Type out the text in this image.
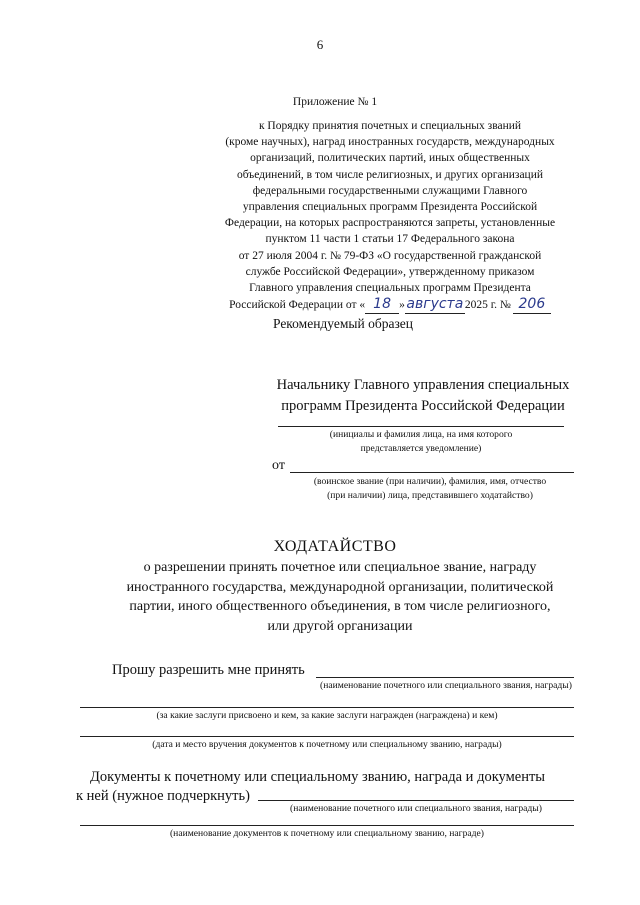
6
Приложение № 1
к Порядку принятия почетных и специальных званий
(кроме научных), наград иностранных государств, международных
организаций, политических партий, иных общественных
объединений, в том числе религиозных, и других организаций
федеральными государственными служащими Главного
управления специальных программ Президента Российской
Федерации, на которых распространяются запреты, установленные
пунктом 11 части 1 статьи 17 Федерального закона
от 27 июля 2004 г. № 79-ФЗ «О государственной гражданской
службе Российской Федерации», утвержденному приказом
Главного управления специальных программ Президента
Российской Федерации от « 18 » августа 2025 г. № 206
Рекомендуемый образец
Начальнику Главного управления специальных
программ Президента Российской Федерации
(инициалы и фамилия лица, на имя которого
представляется уведомление)
от
(воинское звание (при наличии), фамилия, имя, отчество
(при наличии) лица, представившего ходатайство)
ХОДАТАЙСТВО
о разрешении принять почетное или специальное звание, награду
иностранного государства, международной организации, политической
партии, иного общественного объединения, в том числе религиозного,
или другой организации
Прошу разрешить мне принять
(наименование почетного или специального звания, награды)
(за какие заслуги присвоено и кем, за какие заслуги награжден (награждена) и кем)
(дата и место вручения документов к почетному или специальному званию, награды)
Документы к почетному или специальному званию, награда и документы
к ней (нужное подчеркнуть)
(наименование почетного или специального звания, награды)
(наименование документов к почетному или специальному званию, награде)
